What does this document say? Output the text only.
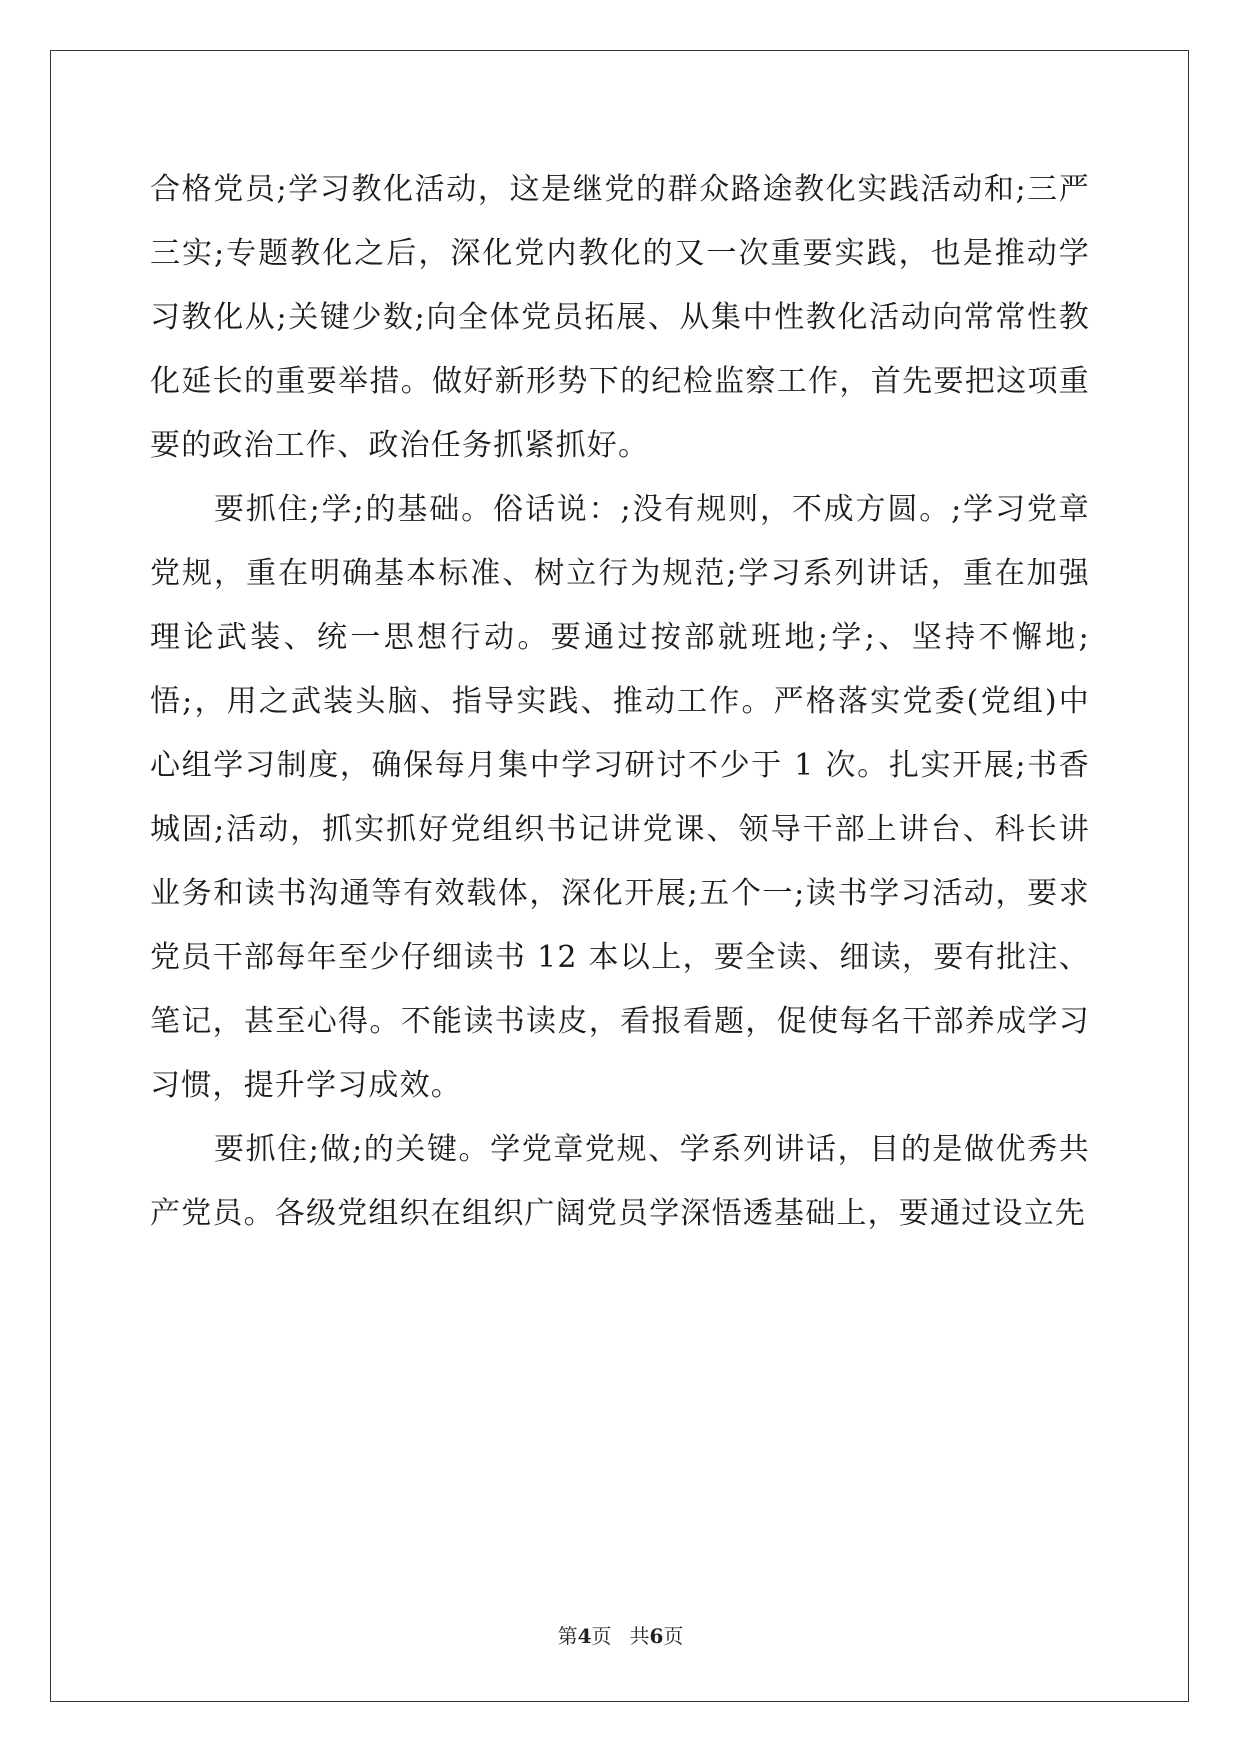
合格党员;学习教化活动，这是继党的群众路途教化实践活动和;三严三实;专题教化之后，深化党内教化的又一次重要实践，也是推动学习教化从;关键少数;向全体党员拓展、从集中性教化活动向常常性教化延长的重要举措。做好新形势下的纪检监察工作，首先要把这项重要的政治工作、政治任务抓紧抓好。

要抓住;学;的基础。俗话说：;没有规则，不成方圆。;学习党章党规，重在明确基本标准、树立行为规范;学习系列讲话，重在加强理论武装、统一思想行动。要通过按部就班地;学;、坚持不懈地;悟;，用之武装头脑、指导实践、推动工作。严格落实党委(党组)中心组学习制度，确保每月集中学习研讨不少于 1 次。扎实开展;书香城固;活动，抓实抓好党组织书记讲党课、领导干部上讲台、科长讲业务和读书沟通等有效载体，深化开展;五个一;读书学习活动，要求党员干部每年至少仔细读书 12 本以上，要全读、细读，要有批注、笔记，甚至心得。不能读书读皮，看报看题，促使每名干部养成学习习惯，提升学习成效。

要抓住;做;的关键。学党章党规、学系列讲话，目的是做优秀共产党员。各级党组织在组织广阔党员学深悟透基础上，要通过设立先

第4页 共6页
